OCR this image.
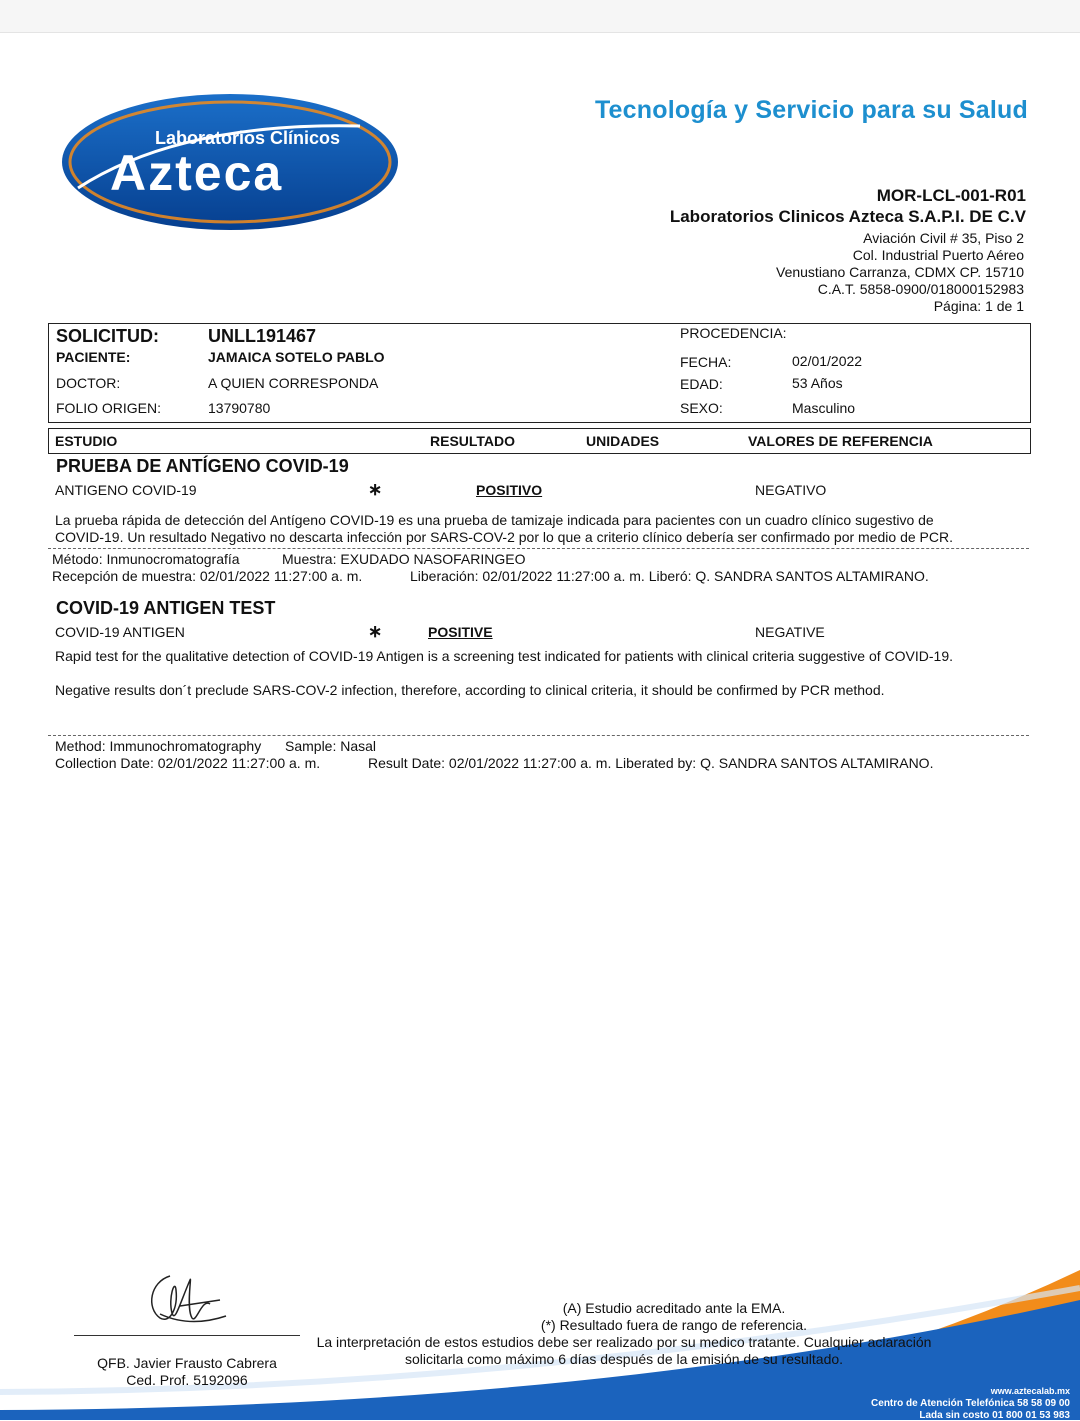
Laboratorios Clínicos
Azteca
Tecnología y Servicio para su Salud
MOR-LCL-001-R01
Laboratorios Clinicos Azteca S.A.P.I. DE C.V
Aviación Civil # 35, Piso 2
Col. Industrial Puerto Aéreo
Venustiano Carranza, CDMX CP. 15710
C.A.T. 5858-0900/018000152983
Página: 1 de 1
SOLICITUD:	UNLL191467
PACIENTE:	JAMAICA SOTELO PABLO
DOCTOR:	A QUIEN CORRESPONDA
FOLIO ORIGEN:	13790780
PROCEDENCIA:
FECHA:	02/01/2022
EDAD:	53 Años
SEXO:	Masculino
ESTUDIO	RESULTADO	UNIDADES	VALORES DE REFERENCIA
PRUEBA DE ANTÍGENO COVID-19
ANTIGENO COVID-19	∗	POSITIVO	NEGATIVO
La prueba rápida de detección del Antígeno COVID-19 es una prueba de tamizaje indicada para pacientes con un cuadro clínico sugestivo de
COVID-19. Un resultado Negativo no descarta infección por SARS-COV-2 por lo que a criterio clínico debería ser confirmado por medio de PCR.
Método: Inmunocromatografía	Muestra: EXUDADO NASOFARINGEO
Recepción de muestra: 02/01/2022 11:27:00 a. m.	Liberación: 02/01/2022 11:27:00 a. m. Liberó: Q. SANDRA SANTOS ALTAMIRANO.
COVID-19 ANTIGEN TEST
COVID-19 ANTIGEN	∗	POSITIVE	NEGATIVE
Rapid test for the qualitative detection of COVID-19 Antigen is a screening test indicated for patients with clinical criteria suggestive of COVID-19.
Negative results don´t preclude SARS-COV-2 infection, therefore, according to clinical criteria, it should be confirmed by PCR method.
Method: Immunochromatography Sample: Nasal
Collection Date: 02/01/2022 11:27:00 a. m.	Result Date: 02/01/2022 11:27:00 a. m. Liberated by: Q. SANDRA SANTOS ALTAMIRANO.
QFB. Javier Frausto Cabrera
Ced. Prof. 5192096
(A) Estudio acreditado ante la EMA.
(*) Resultado fuera de rango de referencia.
La interpretación de estos estudios debe ser realizado por su medico tratante. Cualquier aclaración
solicitarla como máximo 6 días después de la emisión de su resultado.
www.aztecalab.mx
Centro de Atención Telefónica 58 58 09 00
Lada sin costo 01 800 01 53 983
